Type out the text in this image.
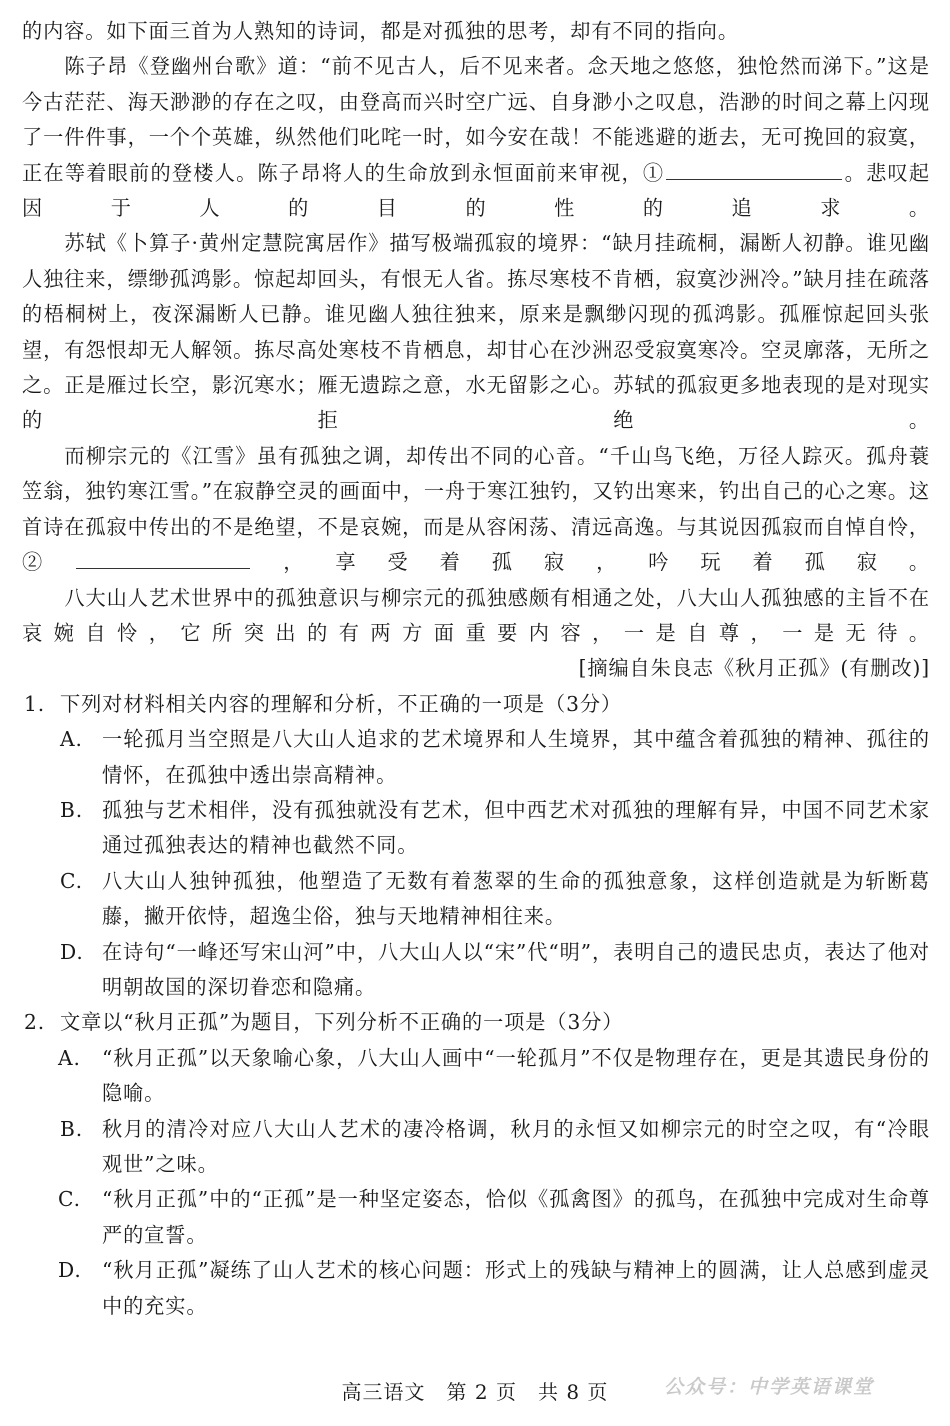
的内容。如下面三首为人熟知的诗词，都是对孤独的思考，却有不同的指向。

陈子昂《登幽州台歌》道：“前不见古人，后不见来者。念天地之悠悠，独怆然而涕下。”这是今古茫茫、海天渺渺的存在之叹，由登高而兴时空广远、自身渺小之叹息，浩渺的时间之幕上闪现了一件件事，一个个英雄，纵然他们叱咤一时，如今安在哉！不能逃避的逝去，无可挽回的寂寞，正在等着眼前的登楼人。陈子昂将人的生命放到永恒面前来审视，①	。悲叹起因于人的目的性的追求。

苏轼《卜算子·黄州定慧院寓居作》描写极端孤寂的境界：“缺月挂疏桐，漏断人初静。谁见幽人独往来，缥缈孤鸿影。惊起却回头，有恨无人省。拣尽寒枝不肯栖，寂寞沙洲冷。”缺月挂在疏落的梧桐树上，夜深漏断人已静。谁见幽人独往独来，原来是飘缈闪现的孤鸿影。孤雁惊起回头张望，有怨恨却无人解领。拣尽高处寒枝不肯栖息，却甘心在沙洲忍受寂寞寒冷。空灵廓落，无所之之。正是雁过长空，影沉寒水；雁无遗踪之意，水无留影之心。苏轼的孤寂更多地表现的是对现实的拒绝。

而柳宗元的《江雪》虽有孤独之调，却传出不同的心音。“千山鸟飞绝，万径人踪灭。孤舟蓑笠翁，独钓寒江雪。”在寂静空灵的画面中，一舟于寒江独钓，又钓出寒来，钓出自己的心之寒。这首诗在孤寂中传出的不是绝望，不是哀婉，而是从容闲荡、清远高逸。与其说因孤寂而自悼自怜，②	，享受着孤寂，吟玩着孤寂。

八大山人艺术世界中的孤独意识与柳宗元的孤独感颇有相通之处，八大山人孤独感的主旨不在哀婉自怜，它所突出的有两方面重要内容，一是自尊，一是无待。

[摘编自朱良志《秋月正孤》(有删改)]

1. 下列对材料相关内容的理解和分析，不正确的一项是（3分）

A. 一轮孤月当空照是八大山人追求的艺术境界和人生境界，其中蕴含着孤独的精神、孤往的情怀，在孤独中透出崇高精神。

B. 孤独与艺术相伴，没有孤独就没有艺术，但中西艺术对孤独的理解有异，中国不同艺术家通过孤独表达的精神也截然不同。

C. 八大山人独钟孤独，他塑造了无数有着葱翠的生命的孤独意象，这样创造就是为斩断葛藤，撇开依恃，超逸尘俗，独与天地精神相往来。

D. 在诗句“一峰还写宋山河”中，八大山人以“宋”代“明”，表明自己的遗民忠贞，表达了他对明朝故国的深切眷恋和隐痛。

2. 文章以“秋月正孤”为题目，下列分析不正确的一项是（3分）

A. “秋月正孤”以天象喻心象，八大山人画中“一轮孤月”不仅是物理存在，更是其遗民身份的隐喻。

B. 秋月的清冷对应八大山人艺术的凄冷格调，秋月的永恒又如柳宗元的时空之叹，有“冷眼观世”之味。

C. “秋月正孤”中的“正孤”是一种坚定姿态，恰似《孤禽图》的孤鸟，在孤独中完成对生命尊严的宣誓。

D. “秋月正孤”凝练了山人艺术的核心问题：形式上的残缺与精神上的圆满，让人总感到虚灵中的充实。

高三语文　第 2 页　共 8 页	公众号：中学英语课堂
